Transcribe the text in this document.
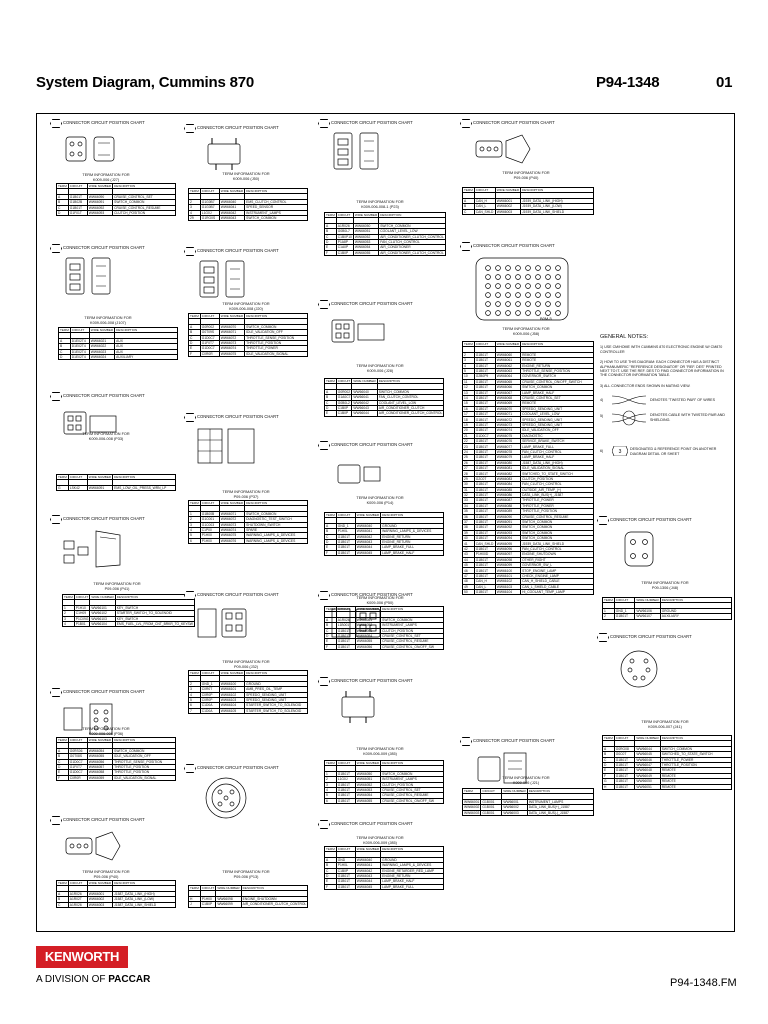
System Diagram, Cummins 870	P94-1348	01
CONNECTOR CIRCUIT POSITION CHART
TERM INFORMATION FOR
K009-006 (J27)
TERM	CIRCUIT	WIRE NUMBER	DESCRIPTION

A	G1B01T	WW66090	CRUISE_CONTROL_SET
B	G1B02B	WW66091	SWITCH_COMMON
C	G1B01T	WW66092	CRUISE_CONTROL_RESUME
D	G1F01T	WW66093	CLUTCH_POSITION
CONNECTOR CIRCUIT POSITION CHART
TERM INFORMATION FOR
K009-006-008 (J107)
TERM	CIRCUIT	WIRE NUMBER	DESCRIPTION

A	D1E02T4	WW66021	AUX
B	D1E02T4	WW66022	AUX
C	D1E02T4	WW66023	AUX
D	D1E02T4	WW66024	AUXILIARY
CONNECTOR CIRCUIT POSITION CHART
TERM INFORMATION FOR
K009-006-008 (P33)
TERM	CIRCUIT	WIRE NUMBER	DESCRIPTION

G	LSK42	WW66091	EMS_LOW_OIL_PRESS_WRN_LP
CONNECTOR CIRCUIT POSITION CHART
TERM INFORMATION FOR
P09-006 (P41)
TERM	CIRCUIT	WIRE NUMBER	DESCRIPTION

1	P1H10	WW66101	KEY_SWITCH
2	C1H09	WW66102	STARTER_SWITCH_TO_SOLENOID
3	P1C09G	WW66103	KEY_SWITCH
4	P1B01	WW66104	EMS_FUEL_LVL_FROM_CNT_BRKR_TO_KEYSW
CONNECTOR CIRCUIT POSITION CHART
TERM INFORMATION FOR
K009-006-008 (P36)
TERM	CIRCUIT	WIRE NUMBER	DESCRIPTION

A	G0RS06	WW66054	SWITCH_COMMON
B	G0T08S	WW66055	IDLE_VALIDATION_OFF
C	G1D0C7	WW66056	THROTTLE_SENSE_POSITION
D	G1F0T7	WW66057	THROTTLE_POSITION
E	G1D0C7	WW66058	THROTTLE_POSITION
F	C0R0R	WW66059	IDLE_VALIDATION_SIGNAL
CONNECTOR CIRCUIT POSITION CHART
TERM INFORMATION FOR
P09-006 (P40)
TERM	CIRCUIT	WIRE NUMBER	DESCRIPTION

A	A1R026	WW66001	J1587_DATA_LINK_(HIGH)
B	A1R02T	WW66002	J1587_DATA_LINK_(LOW)
C	A1R026	WW66003	J1587_DATA_LINK_SHIELD
CONNECTOR CIRCUIT POSITION CHART
TERM INFORMATION FOR
K009-006 (J50)
TERM	CIRCUIT	WIRE NUMBER	DESCRIPTION

2	G1G0B7	WW66040	EMS_CLUTCH_CONTROL
3	G1G0B7	WW66041	SPEED_SENSOR
4	L1G0J	WW66042	INSTRUMENT_LAMPS
29	G1RG0S	WW66043	SWITCH_COMMON
CONNECTOR CIRCUIT POSITION CHART
TERM INFORMATION FOR
K009-006-008 (J20)
TERM	CIRCUIT	WIRE NUMBER	DESCRIPTION

A	G0R002	WW66070	SWITCH_COMMON
B	G0T09S	WW66071	IDLE_VALIDATION_OFF
C	G1D0C7	WW66072	THROTTLE_SENSE_POSITION
D	G1F0T7	WW66073	THROTTLE_POSITION
E	G1D0C7	WW66074	THROTTLE_POWER
F	C0R0R	WW66075	IDLE_VALIDATION_SIGNAL
CONNECTOR CIRCUIT POSITION CHART
TERM INFORMATION FOR
P09-006 (P37)
TERM	CIRCUIT	WIRE NUMBER	DESCRIPTION

1	G1B00B	WW66071	SWITCH_COMMON
2	G1C001	WW66072	DIAGNOSTIC_TEST_SWITCH
3	G1C003	WW66073	SHUTDOWN_SWITCH
4	C1P00	WW66074	SPARE
5	P1H00	WW66075	WARNING_LAMPS_&_DEVICES
6	P1H00	WW66076	WARNING_LAMPS_&_DEVICES
CONNECTOR CIRCUIT POSITION CHART
TERM INFORMATION FOR
P09-006 (J32)
TERM	CIRCUIT	WIRE NUMBER	DESCRIPTION

2	GND_1	WW66100	GROUND
3	C0R0T	WW66101	AMB_PRES_OIL_TEMP
4	C0R0P	WW66102	SPEEDO_SENDING_UNIT
5	C0R0P	WW66103	SPEEDO_SENDING_UNIT
6	C1D0A	WW66104	STARTER_SWITCH_TO_SOLENOID
7	C1D0A	WW66105	STARTER_SWITCH_TO_SOLENOID
CONNECTOR CIRCUIT POSITION CHART
TERM INFORMATION FOR
P09-006 (P13)
TERM	CIRCUIT	WIRE NUMBER	DESCRIPTION

H	P1H00	WW66098	ENGINE_SHUTDOWN
J	C1B0P	WW66099	AIR_CONDITIONER_CLUTCH_CONTROL
CONNECTOR CIRCUIT POSITION CHART
TERM INFORMATION FOR
K009-006-008-1 (P23)
TERM	CIRCUIT	WIRE NUMBER	DESCRIPTION

A	A1R026	WW66050	SWITCH_COMMON
B	G0B0L7	WW66051	COOLANT_LEVEL_LOW
C	C1B0P10	WW66052	AIR_CONDITIONER_CLUTCH_CONTROL
D	P1A8P	WW66053	FAN_CLUTCH_CONTROL
E	C1A0P	WW66054	AIR_CONDITIONER
F	C1B0P	WW66055	AIR_CONDITIONER_CLUTCH_CONTROL
CONNECTOR CIRCUIT POSITION CHART
TERM INFORMATION FOR
K009-006 (J28)
TERM	CIRCUIT	WIRE NUMBER	DESCRIPTION

A	G0R002	WW66040	SWITCH_COMMON
B	G1A0C7	WW66041	FAN_CLUTCH_CONTROL
C	G0B0L2	WW66042	COOLANT_LEVEL_LOW
D	C1B0P	WW66043	AIR_CONDITIONER_CLUTCH
E	C1B0P	WW66044	AIR_CONDITIONER_CLUTCH_CONTROL
CONNECTOR CIRCUIT POSITION CHART
TERM INFORMATION FOR
K009-006 (P14)
TERM	CIRCUIT	WIRE NUMBER	DESCRIPTION

A	GND_1	WW66040	GROUND
B	P1H0L	WW66041	WARNING_LAMPS_&_DEVICES
C	G1B01T	WW66042	ENGINE_RETURN
D	G1B01T	WW66043	ENGINE_RETURN
E	G1B01T	WW66044	LAMP_BRAKE_FULL
F	G1B01T	WW66045	LAMP_BRAKE_HALF
CONNECTOR CIRCUIT POSITION CHART
TERM INFORMATION FOR
K009-006 (P50)
TERM	CIRCUIT	WIRE NUMBER	DESCRIPTION

A	A1R026	WW66051	SWITCH_COMMON
B	L1B001	WW66052	INSTRUMENT_LAMPS
C	G1B01T	WW66053	CLUTCH_POSITION
D	G1B01T	WW66054	CRUISE_CONTROL_SET
E	G1B01T	WW66055	CRUISE_CONTROL_RESUME
F	G1B01T	WW66056	CRUISE_CONTROL_ON/OFF_SW
CONNECTOR CIRCUIT POSITION CHART
TERM INFORMATION FOR
K009-006-009 (J85)
TERM	CIRCUIT	WIRE NUMBER	DESCRIPTION

1	G1B01T	WW66050	SWITCH_COMMON
2	L1G0J	WW66051	INSTRUMENT_LAMPS
3	G1B01T	WW66052	CLUTCH_POSITION
4	G1B01T	WW66053	CRUISE_CONTROL_SET
5	G1B01T	WW66054	CRUISE_CONTROL_RESUME
6	G1B01T	WW66055	CRUISE_CONTROL_ON/OFF_SW
CONNECTOR CIRCUIT POSITION CHART
TERM INFORMATION FOR
K009-006-009 (J85)
TERM	CIRCUIT	WIRE NUMBER	DESCRIPTION

A	GND	WW66040	GROUND
B	P1H0L	WW66041	WARNING_LAMPS_&_DEVICES
C	C1B0P	WW66042	ENGINE_RETARDER_RED_LAMP
D	G1B01T	WW66043	ENGINE_RETURN
E	G1B01T	WW66044	LAMP_BRAKE_HALF
F	G1B01T	WW66045	LAMP_BRAKE_FULL
CONNECTOR CIRCUIT POSITION CHART
TERM INFORMATION FOR
P09-006 (P40)
TERM	CIRCUIT	WIRE NUMBER	DESCRIPTION

A	CAN_H	WW66001	J1939_DATA_LINK_(HIGH)
B	CAN_L	WW66002	J1939_DATA_LINK_(LOW)
C	CAN_SHLD	WW66003	J1939_DATA_LINK_SHIELD
CONNECTOR CIRCUIT POSITION CHART
TERM INFORMATION FOR
K009-006 (J58)
TERM	CIRCUIT	WIRE NUMBER	DESCRIPTION

2	G1B01T	WW66060	REMOTE
3	G1B01T	WW66061	REMOTE
4	G1B01T	WW66062	ENGINE_RETURN
5	G1B01T	WW66063	THROTTLE_SENSE_POSITION
10	G2B0P9	WW66064	GOVERNOR_SWITCH
11	G1B01T	WW66065	CRUISE_CONTROL_ON/OFF_SWITCH
12	G1B01T	WW66066	SWITCH_COMMON
13	G1B01T	WW66067	LAMP_BRAKE_HALF
14	G1B01T	WW66068	CRUISE_CONTROL_SET
15	G1B01T	WW66069	REMOTE
16	G1B01T	WW66070	SPEEDO_SENDING_UNIT
17	G1B01T	WW66071	COOLANT_LEVEL_LOW
18	G1B01T	WW66072	SPEEDO_SENDING_UNIT
19	G1B01T	WW66073	SPEEDO_SENDING_UNIT
20	G1B01T	WW66074	IDLE_VALIDATION_OFF
21	G1D0C7	WW66075	DIAGNOSTIC
22	G1B01T	WW66076	SERVICE_BRAKE_SWITCH
23	G1B01T	WW66077	LAMP_BRAKE_FULL
24	G1B01T	WW66078	FAN_CLUTCH_CONTROL
25	G1B01T	WW66079	LAMP_BRAKE_HALF
26	G1B01T	WW66080	J1587_DATA_LINK_(HIGH)
27	G1B01T	WW66081	IDLE_VALIDATION_SIGNAL
28	G1B01T	WW66082	SWITCHED_TO_STATE_SWITCH
29	G2C0T	WW66083	CLUTCH_POSITION
30	G1B01T	WW66084	FAN_CLUTCH_CONTROL
31	G1B01T	WW66085	OUTSIDE_AIR_TEMP_(+)
32	G1B01T	WW66086	DATA_LINK_BUS(+)_J1587
33	G1B01T	WW66087	THROTTLE_POWER
34	G1B01T	WW66088	THROTTLE_POWER
35	G1B01T	WW66089	THROTTLE_POSITION
36	G1B01T	WW66090	CRUISE_CONTROL_RESUME
37	G1B01T	WW66091	SWITCH_COMMON
38	G1B01T	WW66092	SWITCH_COMMON
39	G1B01T	WW66093	SWITCH_COMMON
40	G1B01T	WW66094	SWITCH_COMMON
41	CAN_SHLD	WW66095	J1939_DATA_LINK_SHIELD
42	G1B01T	WW66096	FAN_CLUTCH_CONTROL
43	P1H00D	WW66097	ENGINE_SHUTDOWN
44	G1B01T	WW66098	OTHER_RIGHT
45	G1B01T	WW66099	GOVERNOR_SW_L
46	G1B01T	WW66100	STOP_ENGINE_LAMP
47	G1B01T	WW66101	CHECK_ENGINE_LAMP
48	CAN_H	WW66102	CAN_H_SHIELD_CABLE
49	CAN_L	WW66103	CAN_L_SHIELD_CABLE
50	G1B01T	WW66104	HI_COOLANT_TEMP_LAMP
CONNECTOR CIRCUIT POSITION CHART
TERM INFORMATION FOR
K009-006 (J21)
TERM	CIRCUIT	WIRE NUMBER	DESCRIPTION

WW66001	G1B001	WW66001	INSTRUMENT_LAMPS
WW66002	G1B001	WW66002	DATA_LINK_BUS(+)_J1587
WW66003	G1B001	WW66003	DATA_LINK_BUS(-)_J1587
CONNECTOR CIRCUIT POSITION CHART
TERM INFORMATION FOR
P09-1306 (J48)
TERM	CIRCUIT	WIRE NUMBER	DESCRIPTION

1	GND_1	WW66106	GROUND
2	G1B01T	WW66107	AUXILIARY
CONNECTOR CIRCUIT POSITION CHART
TERM INFORMATION FOR
K009-006-007 (J41)
TERM	CIRCUIT	WIRE NUMBER	DESCRIPTION

A	G0RG08	WW66044	SWITCH_COMMON
B	G0C0T	WW66045	SWITCHED_TO_STATE_SWITCH
C	G1B01T	WW66046	THROTTLE_POWER
D	G1B01T	WW66047	THROTTLE_POSITION
E	G1B01T	WW66048	REMOTE
F	G1B01T	WW66049	REMOTE
G	G1B01T	WW66050	REMOTE
H	G1B01T	WW66051	REMOTE
B0M-5
GENERAL NOTES:

1) USE CM/HOME WITH CUMMINS 870 ELECTRONIC ENGINE W/ CM870 CONTROLLER

2) HOW TO USE THIS DIAGRAM: EACH CONNECTOR HAS A DISTINCT ALPHANUMERIC "REFERENCE DESIGNATOR" OR "REF. DES" PRINTED NEXT TO IT. USE THE REF. DES TO FIND CONNECTOR INFORMATION IN THE CONNECTOR INFORMATION TABLE.

3) ALL CONNECTOR ENDS SHOWN IN MATING VIEW.

4)	DENOTES "TWISTED PAIR" OF WIRES
5)	DENOTES CABLE WITH TWISTED PAIR AND SHIELDING.
6)	3 DESIGNATED & REFERENCE POINT ON ANOTHER DIAGRAM DETAIL OR SHEET
KENWORTH
A DIVISION OF PACCAR	P94-1348.FM
